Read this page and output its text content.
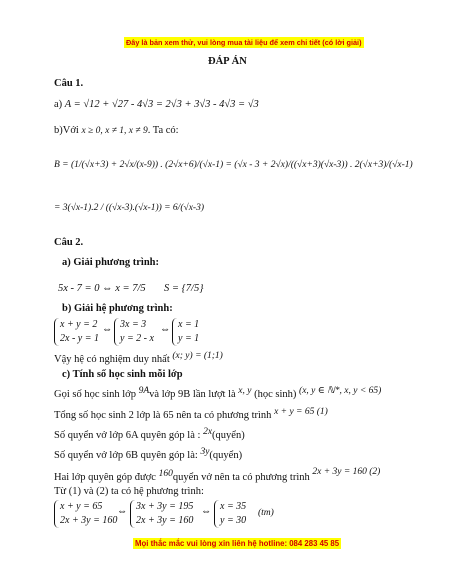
Đây là bản xem thử, vui lòng mua tài liệu để xem chi tiết (có lời giải)
ĐÁP ÁN
Câu 1.
a) A = √12 + √27 - 4√3 = 2√3 + 3√3 - 4√3 = √3
b)Với x ≥ 0, x ≠ 1, x ≠ 9. Ta có:
B = (1/(√x+3) + 2√x/(x-9)) . (2√x+6)/(√x-1) = (√x - 3 + 2√x)/((√x+3)(√x-3)) . 2(√x+3)/(√x-1)
= 3(√x-1).2 / ((√x-3).(√x-1)) = 6/(√x-3)
Câu 2.
a) Giải phương trình:
5x - 7 = 0 ⇔ x = 7/5 S = {7/5}
b) Giải hệ phương trình:
x + y = 2
2x - y = 1
⇔ 3x = 3
y = 2 - x
⇔ x = 1
y = 1
Vậy hệ có nghiệm duy nhất (x; y) = (1;1)
c) Tính số học sinh mỗi lớp
Gọi số học sinh lớp 9Avà lớp 9B lần lượt là x, y (học sinh) (x, y ∈ ℕ*, x, y < 65)
Tổng số học sinh 2 lớp là 65 nên ta có phương trình x + y = 65 (1)
Số quyển vở lớp 6A quyên góp là : 2x(quyển)
Số quyển vở lớp 6B quyên góp là: 3y(quyển)
Hai lớp quyên góp được 160quyển vở nên ta có phương trình 2x + 3y = 160 (2)
Từ (1) và (2) ta có hệ phương trình:
x + y = 65
2x + 3y = 160
⇔ 3x + 3y = 195
2x + 3y = 160
⇔ x = 35
y = 30
(tm)
Mọi thắc mắc vui lòng xin liên hệ hotline: 084 283 45 85
